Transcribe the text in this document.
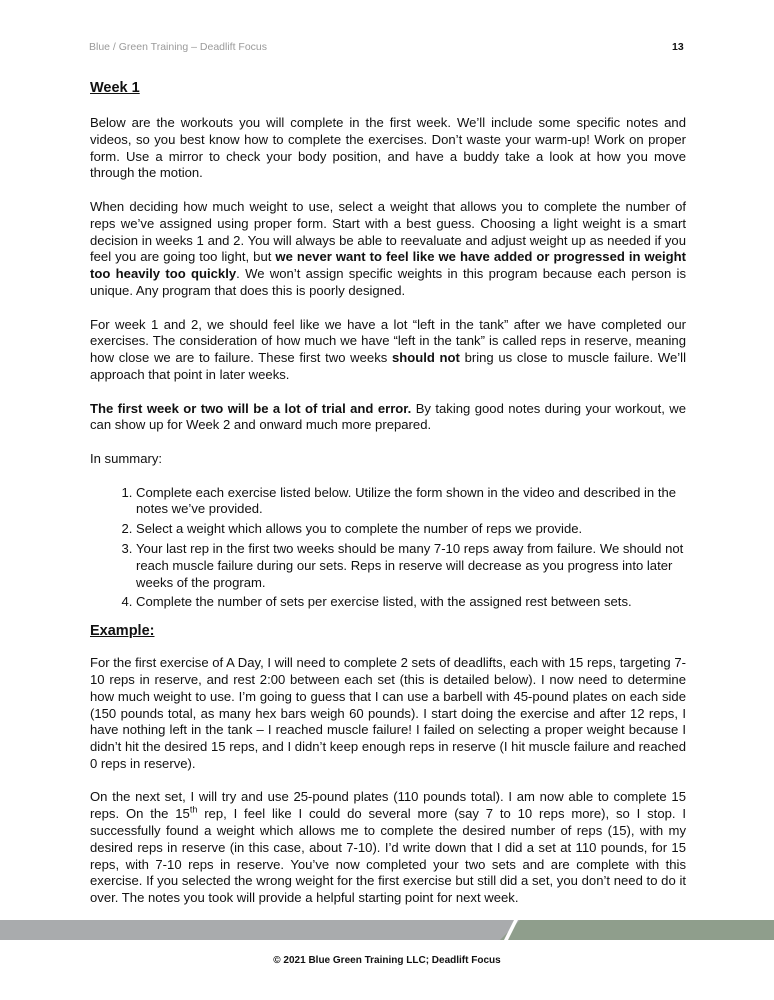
Blue / Green Training – Deadlift Focus	13
Week 1

Below are the workouts you will complete in the first week. We’ll include some specific notes and videos, so you best know how to complete the exercises. Don’t waste your warm-up! Work on proper form. Use a mirror to check your body position, and have a buddy take a look at how you move through the motion.

When deciding how much weight to use, select a weight that allows you to complete the number of reps we’ve assigned using proper form. Start with a best guess. Choosing a light weight is a smart decision in weeks 1 and 2. You will always be able to reevaluate and adjust weight up as needed if you feel you are going too light, but we never want to feel like we have added or progressed in weight too heavily too quickly. We won’t assign specific weights in this program because each person is unique. Any program that does this is poorly designed.

For week 1 and 2, we should feel like we have a lot “left in the tank” after we have completed our exercises. The consideration of how much we have “left in the tank” is called reps in reserve, meaning how close we are to failure. These first two weeks should not bring us close to muscle failure. We’ll approach that point in later weeks.

The first week or two will be a lot of trial and error. By taking good notes during your workout, we can show up for Week 2 and onward much more prepared.

In summary:

1. Complete each exercise listed below. Utilize the form shown in the video and described in the notes we’ve provided.
2. Select a weight which allows you to complete the number of reps we provide.
3. Your last rep in the first two weeks should be many 7-10 reps away from failure. We should not reach muscle failure during our sets. Reps in reserve will decrease as you progress into later weeks of the program.
4. Complete the number of sets per exercise listed, with the assigned rest between sets.
Example:

For the first exercise of A Day, I will need to complete 2 sets of deadlifts, each with 15 reps, targeting 7-10 reps in reserve, and rest 2:00 between each set (this is detailed below). I now need to determine how much weight to use. I’m going to guess that I can use a barbell with 45-pound plates on each side (150 pounds total, as many hex bars weigh 60 pounds). I start doing the exercise and after 12 reps, I have nothing left in the tank – I reached muscle failure! I failed on selecting a proper weight because I didn’t hit the desired 15 reps, and I didn’t keep enough reps in reserve (I hit muscle failure and reached 0 reps in reserve).

On the next set, I will try and use 25-pound plates (110 pounds total). I am now able to complete 15 reps. On the 15th rep, I feel like I could do several more (say 7 to 10 reps more), so I stop. I successfully found a weight which allows me to complete the desired number of reps (15), with my desired reps in reserve (in this case, about 7-10). I’d write down that I did a set at 110 pounds, for 15 reps, with 7-10 reps in reserve. You’ve now completed your two sets and are complete with this exercise. If you selected the wrong weight for the first exercise but still did a set, you don’t need to do it over. The notes you took will provide a helpful starting point for next week.

© 2021 Blue Green Training LLC; Deadlift Focus
